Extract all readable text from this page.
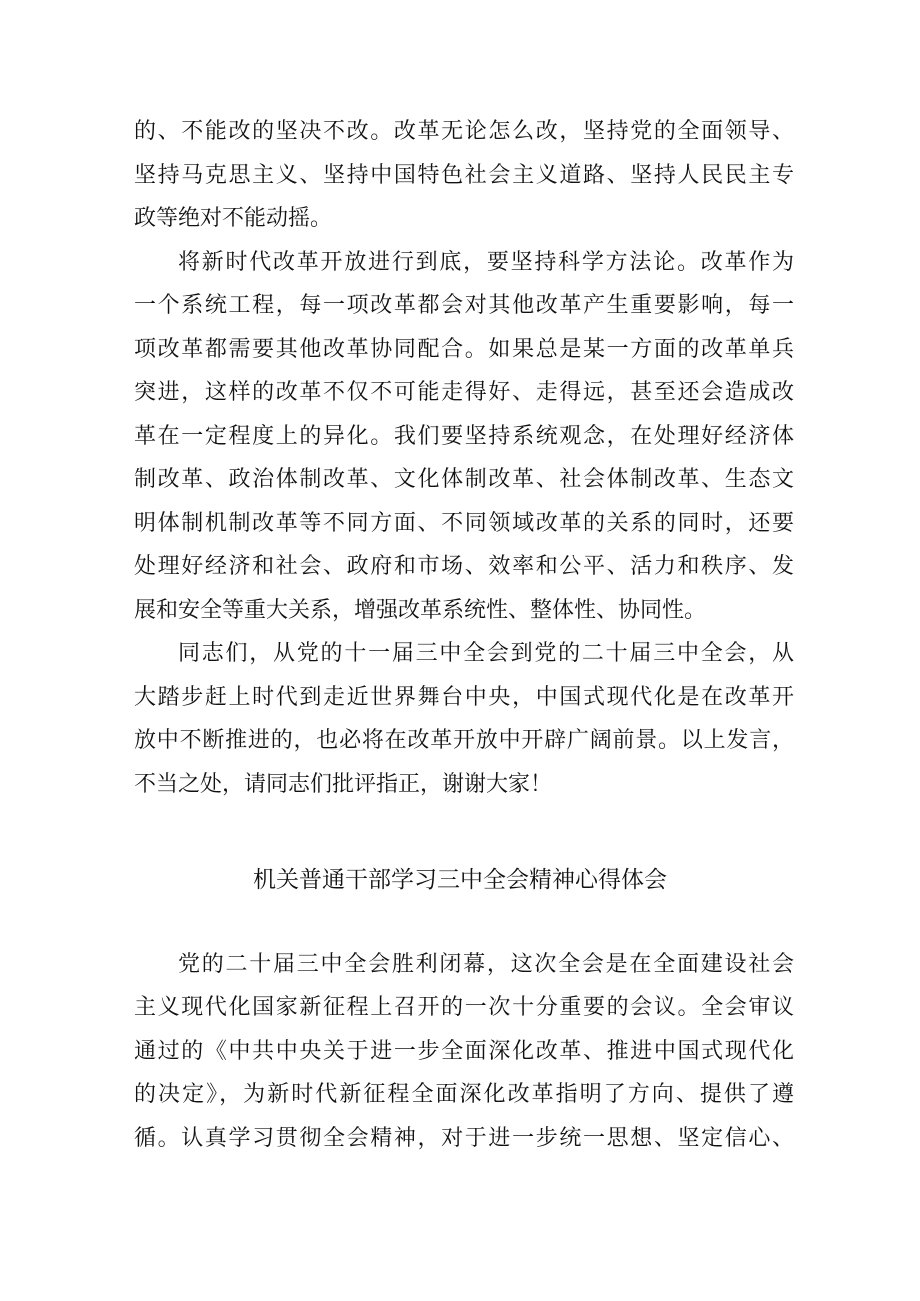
的、不能改的坚决不改。改革无论怎么改，坚持党的全面领导、
坚持马克思主义、坚持中国特色社会主义道路、坚持人民民主专
政等绝对不能动摇。
将新时代改革开放进行到底，要坚持科学方法论。改革作为
一个系统工程，每一项改革都会对其他改革产生重要影响，每一
项改革都需要其他改革协同配合。如果总是某一方面的改革单兵
突进，这样的改革不仅不可能走得好、走得远，甚至还会造成改
革在一定程度上的异化。我们要坚持系统观念，在处理好经济体
制改革、政治体制改革、文化体制改革、社会体制改革、生态文
明体制机制改革等不同方面、不同领域改革的关系的同时，还要
处理好经济和社会、政府和市场、效率和公平、活力和秩序、发
展和安全等重大关系，增强改革系统性、整体性、协同性。
同志们，从党的十一届三中全会到党的二十届三中全会，从
大踏步赶上时代到走近世界舞台中央，中国式现代化是在改革开
放中不断推进的，也必将在改革开放中开辟广阔前景。以上发言，
不当之处，请同志们批评指正，谢谢大家！
机关普通干部学习三中全会精神心得体会
党的二十届三中全会胜利闭幕，这次全会是在全面建设社会
主义现代化国家新征程上召开的一次十分重要的会议。全会审议
通过的《中共中央关于进一步全面深化改革、推进中国式现代化
的决定》，为新时代新征程全面深化改革指明了方向、提供了遵
循。认真学习贯彻全会精神，对于进一步统一思想、坚定信心、
